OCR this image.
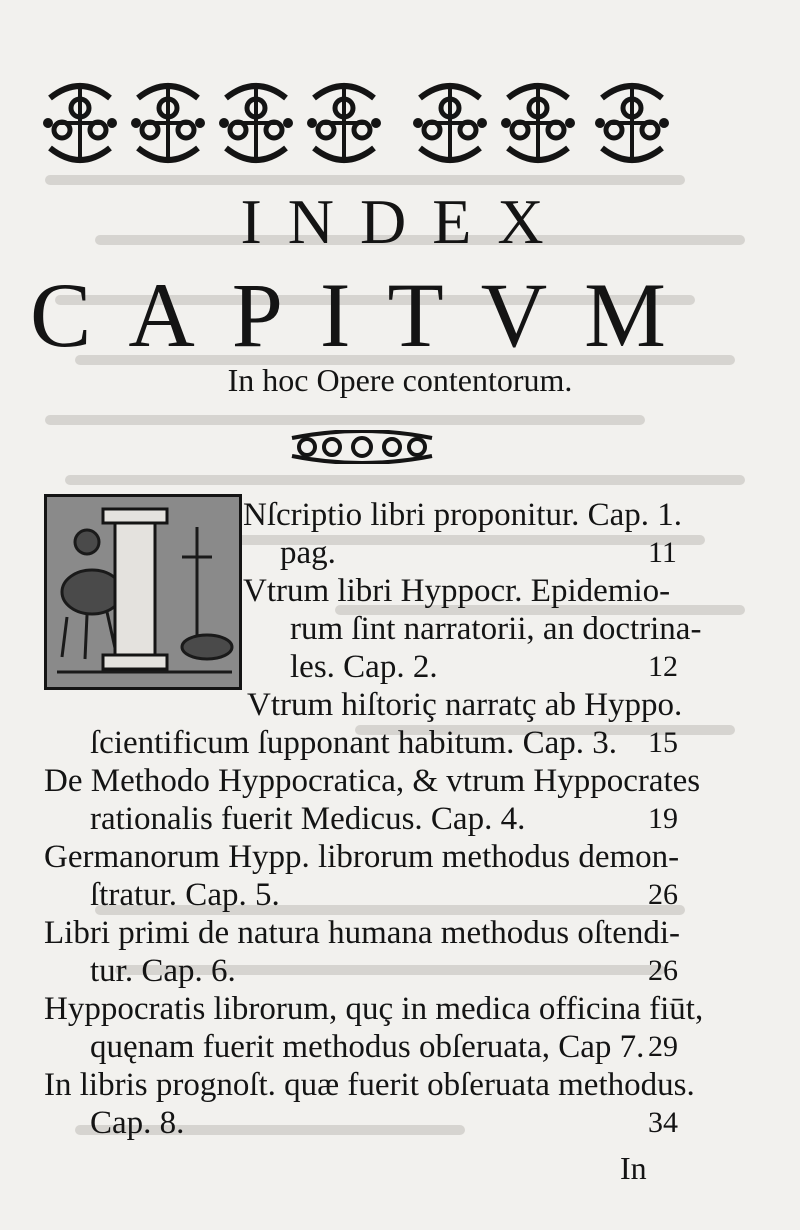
INDEX
C A P I T V M
In hoc Opere contentorum.
Nſcriptio libri proponitur. Cap. 1.
pag.	11
Vtrum libri Hyppocr. Epidemio-
rum ſint narratorii, an doctrina-
les. Cap. 2.	12
Vtrum hiſtoriç narratç ab Hyppo.
ſcientificum ſupponant habitum. Cap. 3. 15
De Methodo Hyppocratica, & vtrum Hyppocrates
rationalis fuerit Medicus. Cap. 4.	19
Germanorum Hypp. librorum methodus demon-
ſtratur. Cap. 5.	26
Libri primi de natura humana methodus oſtendi-
tur. Cap. 6.	26
Hyppocratis librorum, quç in medica officina fiūt,
quęnam fuerit methodus obſeruata, Cap 7. 29
In libris prognoſt. quæ fuerit obſeruata methodus.
Cap. 8.	34
In
